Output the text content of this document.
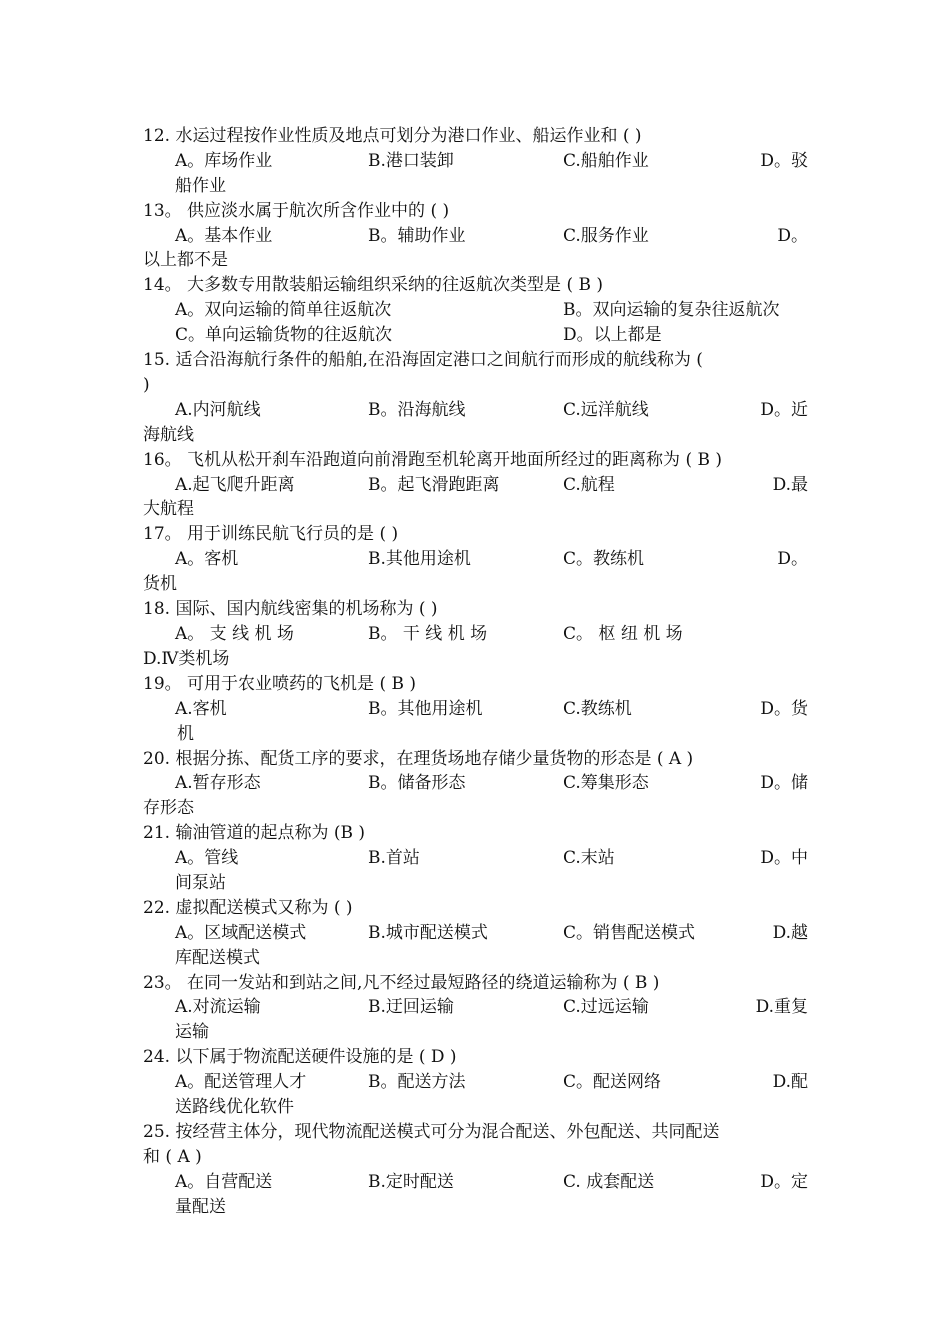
12. 水运过程按作业性质及地点可划分为港口作业、船运作业和 ( )
A。库场作业	B.港口装卸	C.船舶作业	D。驳
船作业
13。 供应淡水属于航次所含作业中的 ( )
A。基本作业	B。辅助作业	C.服务作业	D。
以上都不是
14。 大多数专用散装船运输组织采纳的往返航次类型是 ( B )
A。双向运输的简单往返航次	B。双向运输的复杂往返航次
C。单向运输货物的往返航次	D。以上都是
15. 适合沿海航行条件的船舶,在沿海固定港口之间航行而形成的航线称为 (
)
A.内河航线	B。沿海航线	C.远洋航线	D。近
海航线
16。 飞机从松开刹车沿跑道向前滑跑至机轮离开地面所经过的距离称为 ( B )
A.起飞爬升距离	B。起飞滑跑距离	C.航程	D.最
大航程
17。 用于训练民航飞行员的是 ( )
A。客机	B.其他用途机	C。教练机	D。
货机
18. 国际、国内航线密集的机场称为 ( )
A。 支 线 机 场	B。 干 线 机 场	C。 枢 纽 机 场
D.Ⅳ类机场
19。 可用于农业喷药的飞机是 ( B )
A.客机	B。其他用途机	C.教练机	D。货
机
20. 根据分拣、配货工序的要求，在理货场地存储少量货物的形态是 ( A )
A.暂存形态	B。储备形态	C.筹集形态	D。储
存形态
21. 输油管道的起点称为 (B )
A。管线	B.首站	C.末站	D。中
间泵站
22. 虚拟配送模式又称为 ( )
A。区域配送模式	B.城市配送模式	C。销售配送模式	D.越
库配送模式
23。 在同一发站和到站之间,凡不经过最短路径的绕道运输称为 ( B )
A.对流运输	B.迂回运输	C.过远运输	D.重复
运输
24. 以下属于物流配送硬件设施的是 ( D )
A。配送管理人才	B。配送方法	C。配送网络	D.配
送路线优化软件
25. 按经营主体分，现代物流配送模式可分为混合配送、外包配送、共同配送
和 ( A )
A。自营配送	B.定时配送	C. 成套配送	D。定
量配送
